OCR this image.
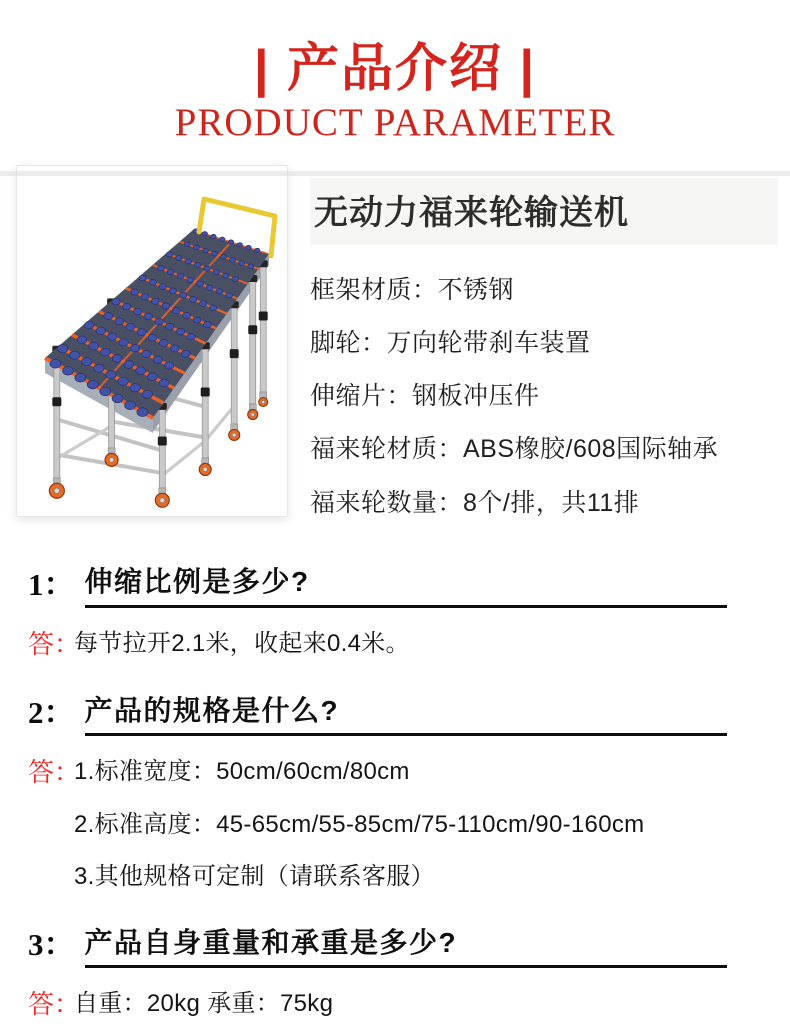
| 产品介绍 |
PRODUCT PARAMETER
无动力福来轮输送机
框架材质：不锈钢
脚轮：万向轮带刹车装置
伸缩片：钢板冲压件
福来轮材质：ABS橡胶/608国际轴承
福来轮数量：8个/排，共11排
1： 伸缩比例是多少?
答：
每节拉开2.1米，收起来0.4米。
2： 产品的规格是什么?
答：
1.标准宽度：50cm/60cm/80cm
2.标准高度：45-65cm/55-85cm/75-110cm/90-160cm
3.其他规格可定制（请联系客服）
3： 产品自身重量和承重是多少?
答：
自重：20kg 承重：75kg
